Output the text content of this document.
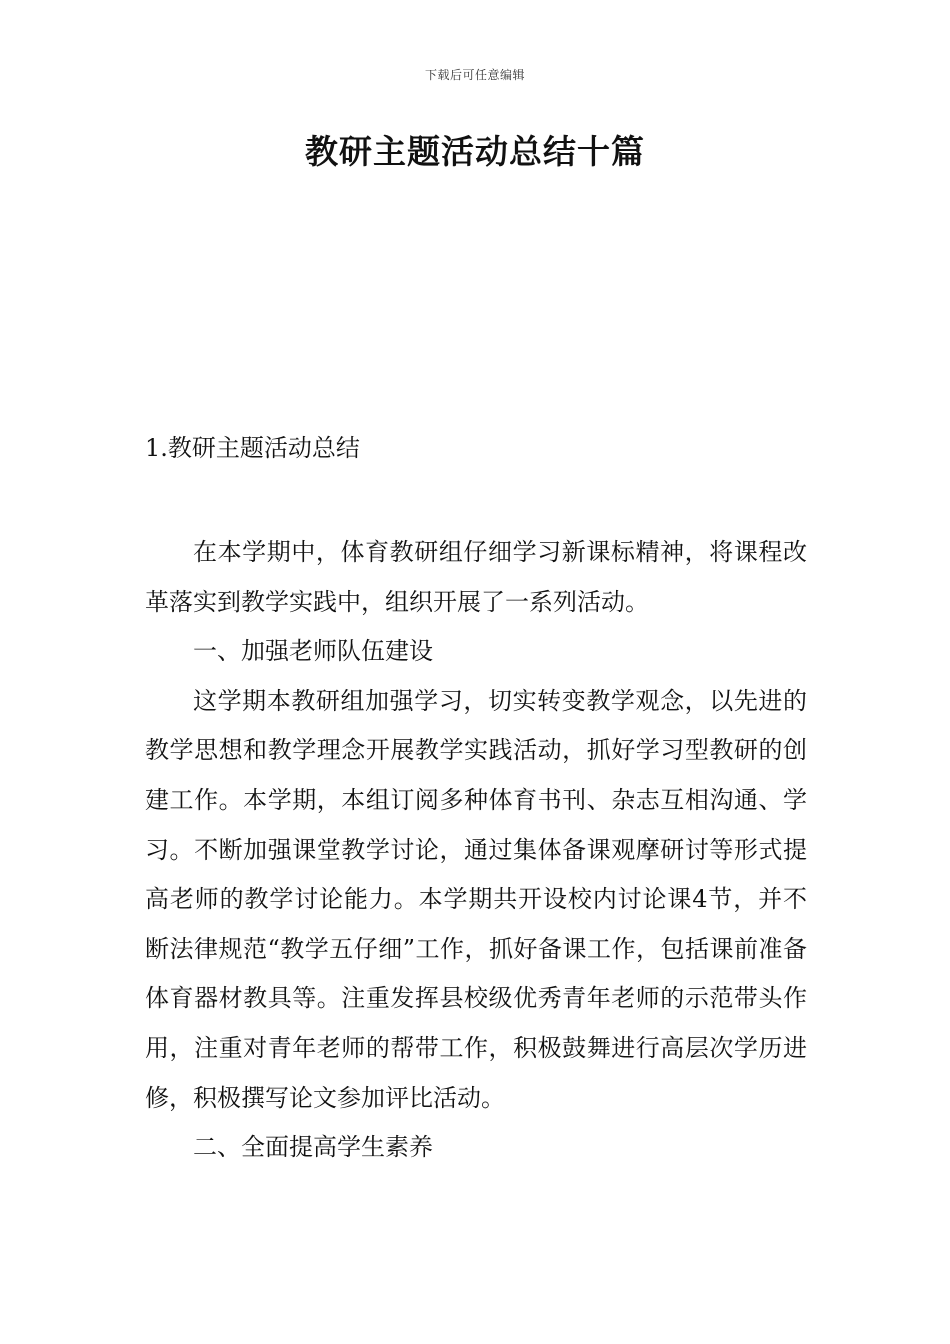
下载后可任意编辑
教研主题活动总结十篇
1.教研主题活动总结

在本学期中，体育教研组仔细学习新课标精神，将课程改革落实到教学实践中，组织开展了一系列活动。

一、加强老师队伍建设

这学期本教研组加强学习，切实转变教学观念，以先进的教学思想和教学理念开展教学实践活动，抓好学习型教研的创建工作。本学期，本组订阅多种体育书刊、杂志互相沟通、学习。不断加强课堂教学讨论，通过集体备课观摩研讨等形式提高老师的教学讨论能力。本学期共开设校内讨论课4节，并不断法律规范“教学五仔细”工作，抓好备课工作，包括课前准备体育器材教具等。注重发挥县校级优秀青年老师的示范带头作用，注重对青年老师的帮带工作，积极鼓舞进行高层次学历进修，积极撰写论文参加评比活动。

二、全面提高学生素养
